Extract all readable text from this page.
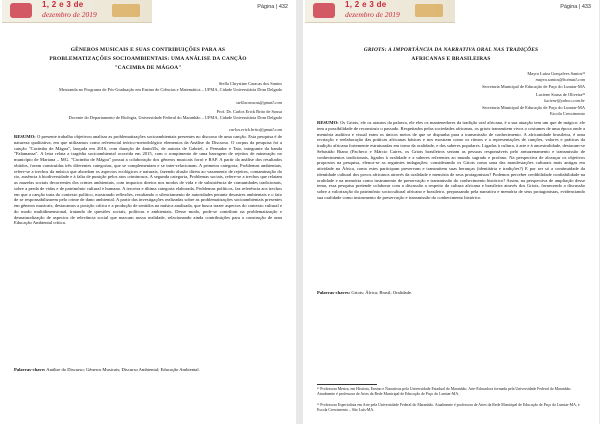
1, 2 e 3 de
dezembro de 2019
Página | 432
GÊNEROS MUSICAIS E SUAS CONTRIBUIÇÕES PARA AS
PROBLEMATIZAÇÕES SOCIOAMBIENTAIS: UMA ANÁLISE DA CANÇÃO
"CACIMBA DE MÁGOA"
Stella Chrystine Caracas dos Santos
Mestranda no Programa de Pós-Graduação em Ensino de Ciências e Matemática – UFMA, Cidade Universitária Dom Delgado
stellacaracas@gmail.com
Prof. Dr. Carlos Erick Brito de Sousa
Docente do Departamento de Biologia, Universidade Federal do Maranhão – UFMA, Cidade Universitária Dom Delgado
carlos.erick.brito@gmail.com
RESUMO: O presente trabalho objetivou analisar as problematizações socioambientais presentes no discurso de uma canção. Esta pesquisa é de natureza qualitativa, em que utilizamos como referencial teórico-metodológico elementos da Análise do Discurso. O corpus da pesquisa foi a canção "Cacimba de Mágoa", lançada em 2016, com duração de 4min35s, de autoria de Gabriel, o Pensador e Tato, integrante da banda "Falamansa". A letra relata a tragédia socioambiental ocorrida em 2015, com o rompimento de uma barragem de rejeitos de mineração no município de Mariana – MG. "Cacimba de Mágoa" possui a colaboração dos gêneros musicais forró e RAP. A partir da análise dos resultados obtidos, foram construídas três diferentes categorias, que se complementam e se inter-relacionam. A primeira categoria, Problemas ambientais, refere-se a trechos da música que abordam os aspectos ecológicos e naturais, fazendo alusão direta ao vazamento de rejeitos, contaminação do rio, ausência à biodiversidade e à falta de punição pelos atos criminosos. A segunda categoria, Problemas sociais, refere-se a trechos que relatam as mazelas sociais decorrentes dos crimes ambientais, com impactos diretos nos modos de vida e de subsistência de comunidades tradicionais, sobre a perda de vidas e de patrimônio cultural e humano. A terceira e última categoria elaborada, Problemas políticos, faz referência aos trechos em que a canção trata do contexto político, mostrando reflexões, resultando o silenciamento de autoridades perante desastres ambientais e o fato de se responsabilizarem pelo crime de dano ambiental. A partir das investigações realizadas sobre as problematizações socioambientais presentes em gêneros musicais, destacamos a posição crítica e a produção de sentidos na música analisada, que busca trazer aspectos do contexto cultural e do modo multidimensional, tratando de questões sociais, políticas e ambientais. Desse modo, pode-se contribuir na problematização e desnaturalização de aspectos de relevância social que marcam nossa realidade, relacionando ainda contribuições para a construção de uma Educação Ambiental crítica.
Palavras-chave: Análise do Discurso; Gêneros Musicais; Discurso Ambiental; Educação Ambiental.
1, 2 e 3 de
dezembro de 2019
Página | 433
GRIOTS: A IMPORTÂNCIA DA NARRATIVA ORAL NAS TRADIÇÕES
AFRICANAS E BRASILEIRAS
Mayra Luíza Gonçalves Santos¹²
mayra.santos@hotmail.com
Secretaria Municipal de Educação de Paço do Lumiar-MA
Luciene Sousa de Oliveira¹³
luciene@yahoo.com.br
Secretaria Municipal de Educação de Paço do Lumiar-MA
Escola Crescimento
RESUMO: Os Griots, ele os arautos da palavra, ele eles os mantenedores da tradição oral africana, é a sua atuação tem um que de mágico: ele tem a possibilidade de reconstruir o passado. Respeitados pelas sociedades africanas, os griots transmitem vivos o costumes de uma época onde a memória auditiva e visual eram os únicos meios de que se dispunha para a transmissão de conhecimento. A africanidade brasileira, é uma recriação e reelaboração das práticas africanas básicas e nos mostram como os ritmos e a representações de canções, valores e práticas da tradição africana fortemente estruturadas em torno da oralidade, e dos saberes populares. Ligadas à cultura, à arte e à ancestralidade, destacam-se Sebastião Biano (Pacheco e Márcio Caires, os Griots brasileiros seriam as pessoas responsáveis pelo armazenamento e transmissão de conhecimentos tradicionais, ligados à oralidade e a saberes referentes ao mundo sagrado e profano. Na perspectiva de alcançar os objetivos propostos na pesquisa, elenca-se as seguintes indagações: considerando os Griots como uma das manifestações culturais mais antigas em atividade na África, como estes participam preservam e transmitem suas heranças (identitária e tradições?) E por ser só a continuidade da identidade cultural dos povos africanos através da oralidade e memória de seus protagonistas? Podemos perceber credibilidade confiabilidade na oralidade e na memória como instrumento de preservação e transmissão do conhecimento histórico? Assim, na perspectiva de ampliação desse tema, essa pesquisa pretende colaborar com a discussão a respeito da cultura africana e brasileira através dos Griots, fornecendo a discussão sobre a valorização do patrimônio sociocultural africano e brasileiro, perpassando pela narrativa e memória de seus protagonistas, evidenciando sua oralidade como instrumento de preservação e transmissão do conhecimento histórico.
Palavras-chaves: Griots; África; Brasil; Oralidade.
¹² Professora Mestra, em História, Ensino e Narrativas pela Universidade Estadual do Maranhão. Arte-Educadora formada pela Universidade Federal do Maranhão. Atualmente é professora de Artes da Rede Municipal de Educação de Paço do Lumiar-MA.
¹³ Professora Especialista em Arte pela Universidade Federal do Maranhão. Atualmente é professora de Artes da Rede Municipal de Educação de Paço do Lumiar-MA, e Escola Crescimento – São Luís-MA.
